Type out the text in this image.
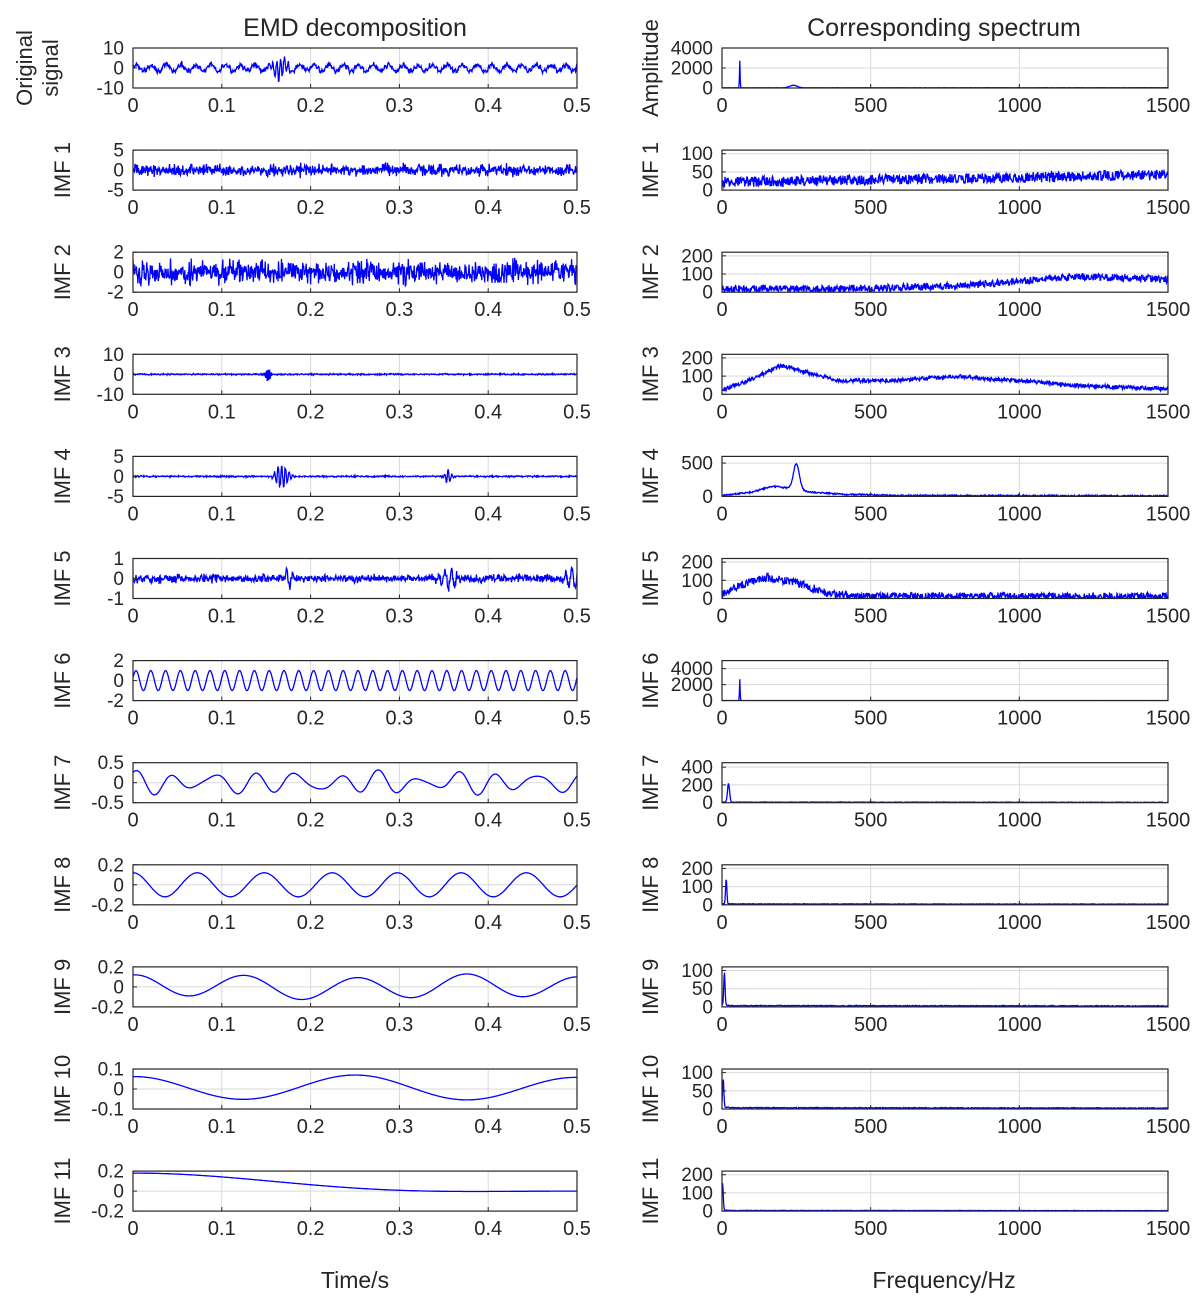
EMD decomposition	Corresponding spectrum
0	0.1	0.2	0.3	0.4	0.5
10
0
-10
Originalsignal
0	500	1000	1500
4000
2000
0
Amplitude
0	0.1	0.2	0.3	0.4	0.5
5
0
-5
IMF 1
0	500	1000	1500
100
50
0
IMF 1
0	0.1	0.2	0.3	0.4	0.5
2
0
-2
IMF 2
0	500	1000	1500
200
100
0
IMF 2
0	0.1	0.2	0.3	0.4	0.5
10
0
-10
IMF 3
0	500	1000	1500
200
100
0
IMF 3
0	0.1	0.2	0.3	0.4	0.5
5
0
-5
IMF 4
0	500	1000	1500
500
0
IMF 4
0	0.1	0.2	0.3	0.4	0.5
1
0
-1
IMF 5
0	500	1000	1500
200
100
0
IMF 5
0	0.1	0.2	0.3	0.4	0.5
2
0
-2
IMF 6
0	500	1000	1500
4000
2000
0
IMF 6
0	0.1	0.2	0.3	0.4	0.5
0.5
0
-0.5
IMF 7
0	500	1000	1500
400
200
0
IMF 7
0	0.1	0.2	0.3	0.4	0.5
0.2
0
-0.2
IMF 8
0	500	1000	1500
200
100
0
IMF 8
0	0.1	0.2	0.3	0.4	0.5
0.2
0
-0.2
IMF 9
0	500	1000	1500
100
50
0
IMF 9
0	0.1	0.2	0.3	0.4	0.5
0.1
0
-0.1
IMF 10
0	500	1000	1500
100
50
0
IMF 10
0	0.1	0.2	0.3	0.4	0.5
0.2
0
-0.2
IMF 11
0	500	1000	1500
200
100
0
IMF 11
Time/s	Frequency/Hz
